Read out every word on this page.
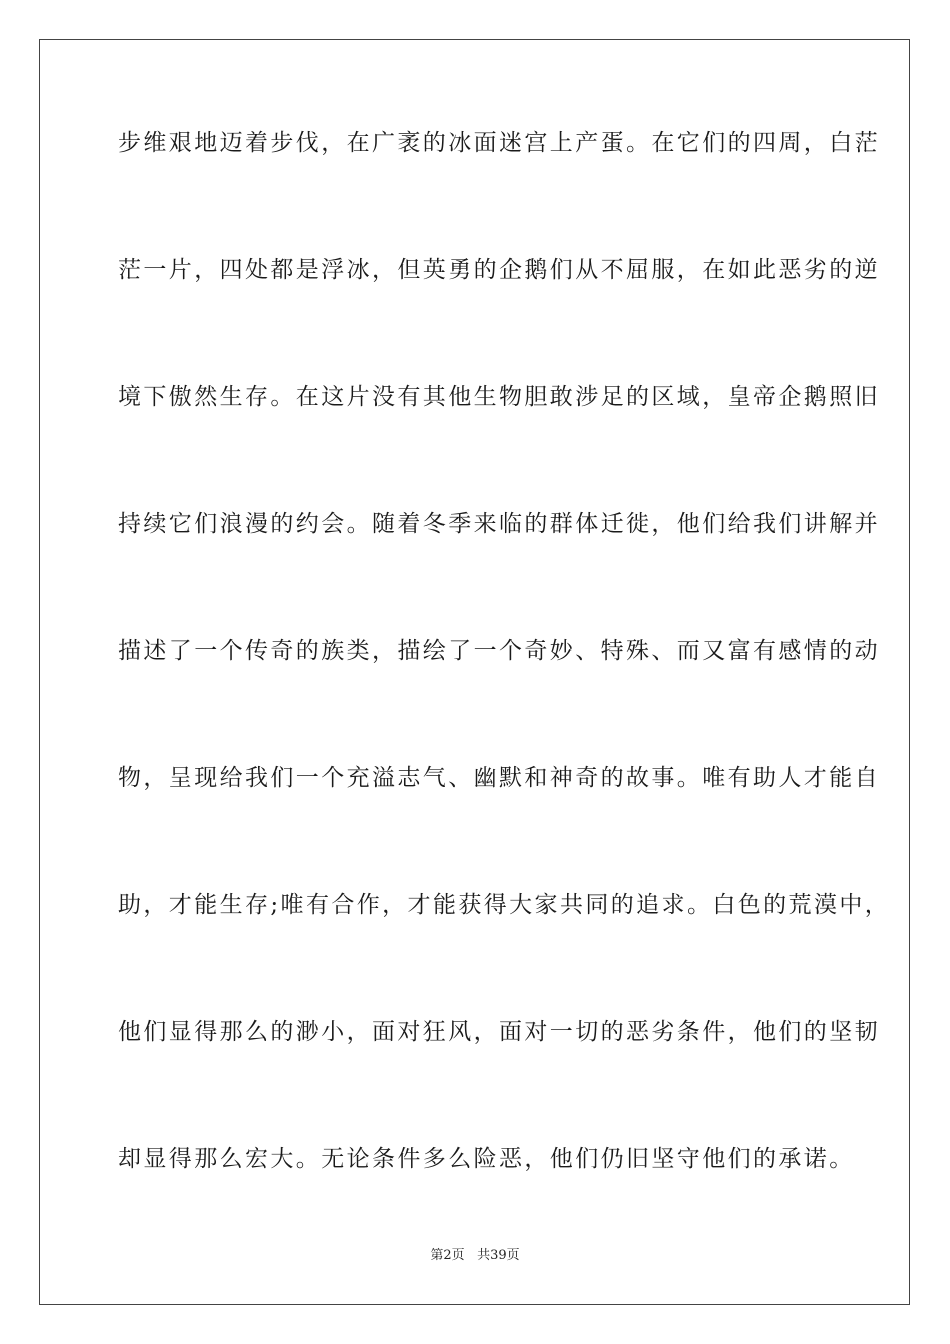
步维艰地迈着步伐，在广袤的冰面迷宫上产蛋。在它们的四周，白茫
茫一片，四处都是浮冰，但英勇的企鹅们从不屈服，在如此恶劣的逆
境下傲然生存。在这片没有其他生物胆敢涉足的区域，皇帝企鹅照旧
持续它们浪漫的约会。随着冬季来临的群体迁徙，他们给我们讲解并
描述了一个传奇的族类，描绘了一个奇妙、特殊、而又富有感情的动
物，呈现给我们一个充溢志气、幽默和神奇的故事。唯有助人才能自
助，才能生存;唯有合作，才能获得大家共同的追求。白色的荒漠中，
他们显得那么的渺小，面对狂风，面对一切的恶劣条件，他们的坚韧
却显得那么宏大。无论条件多么险恶，他们仍旧坚守他们的承诺。
第2页 共39页
